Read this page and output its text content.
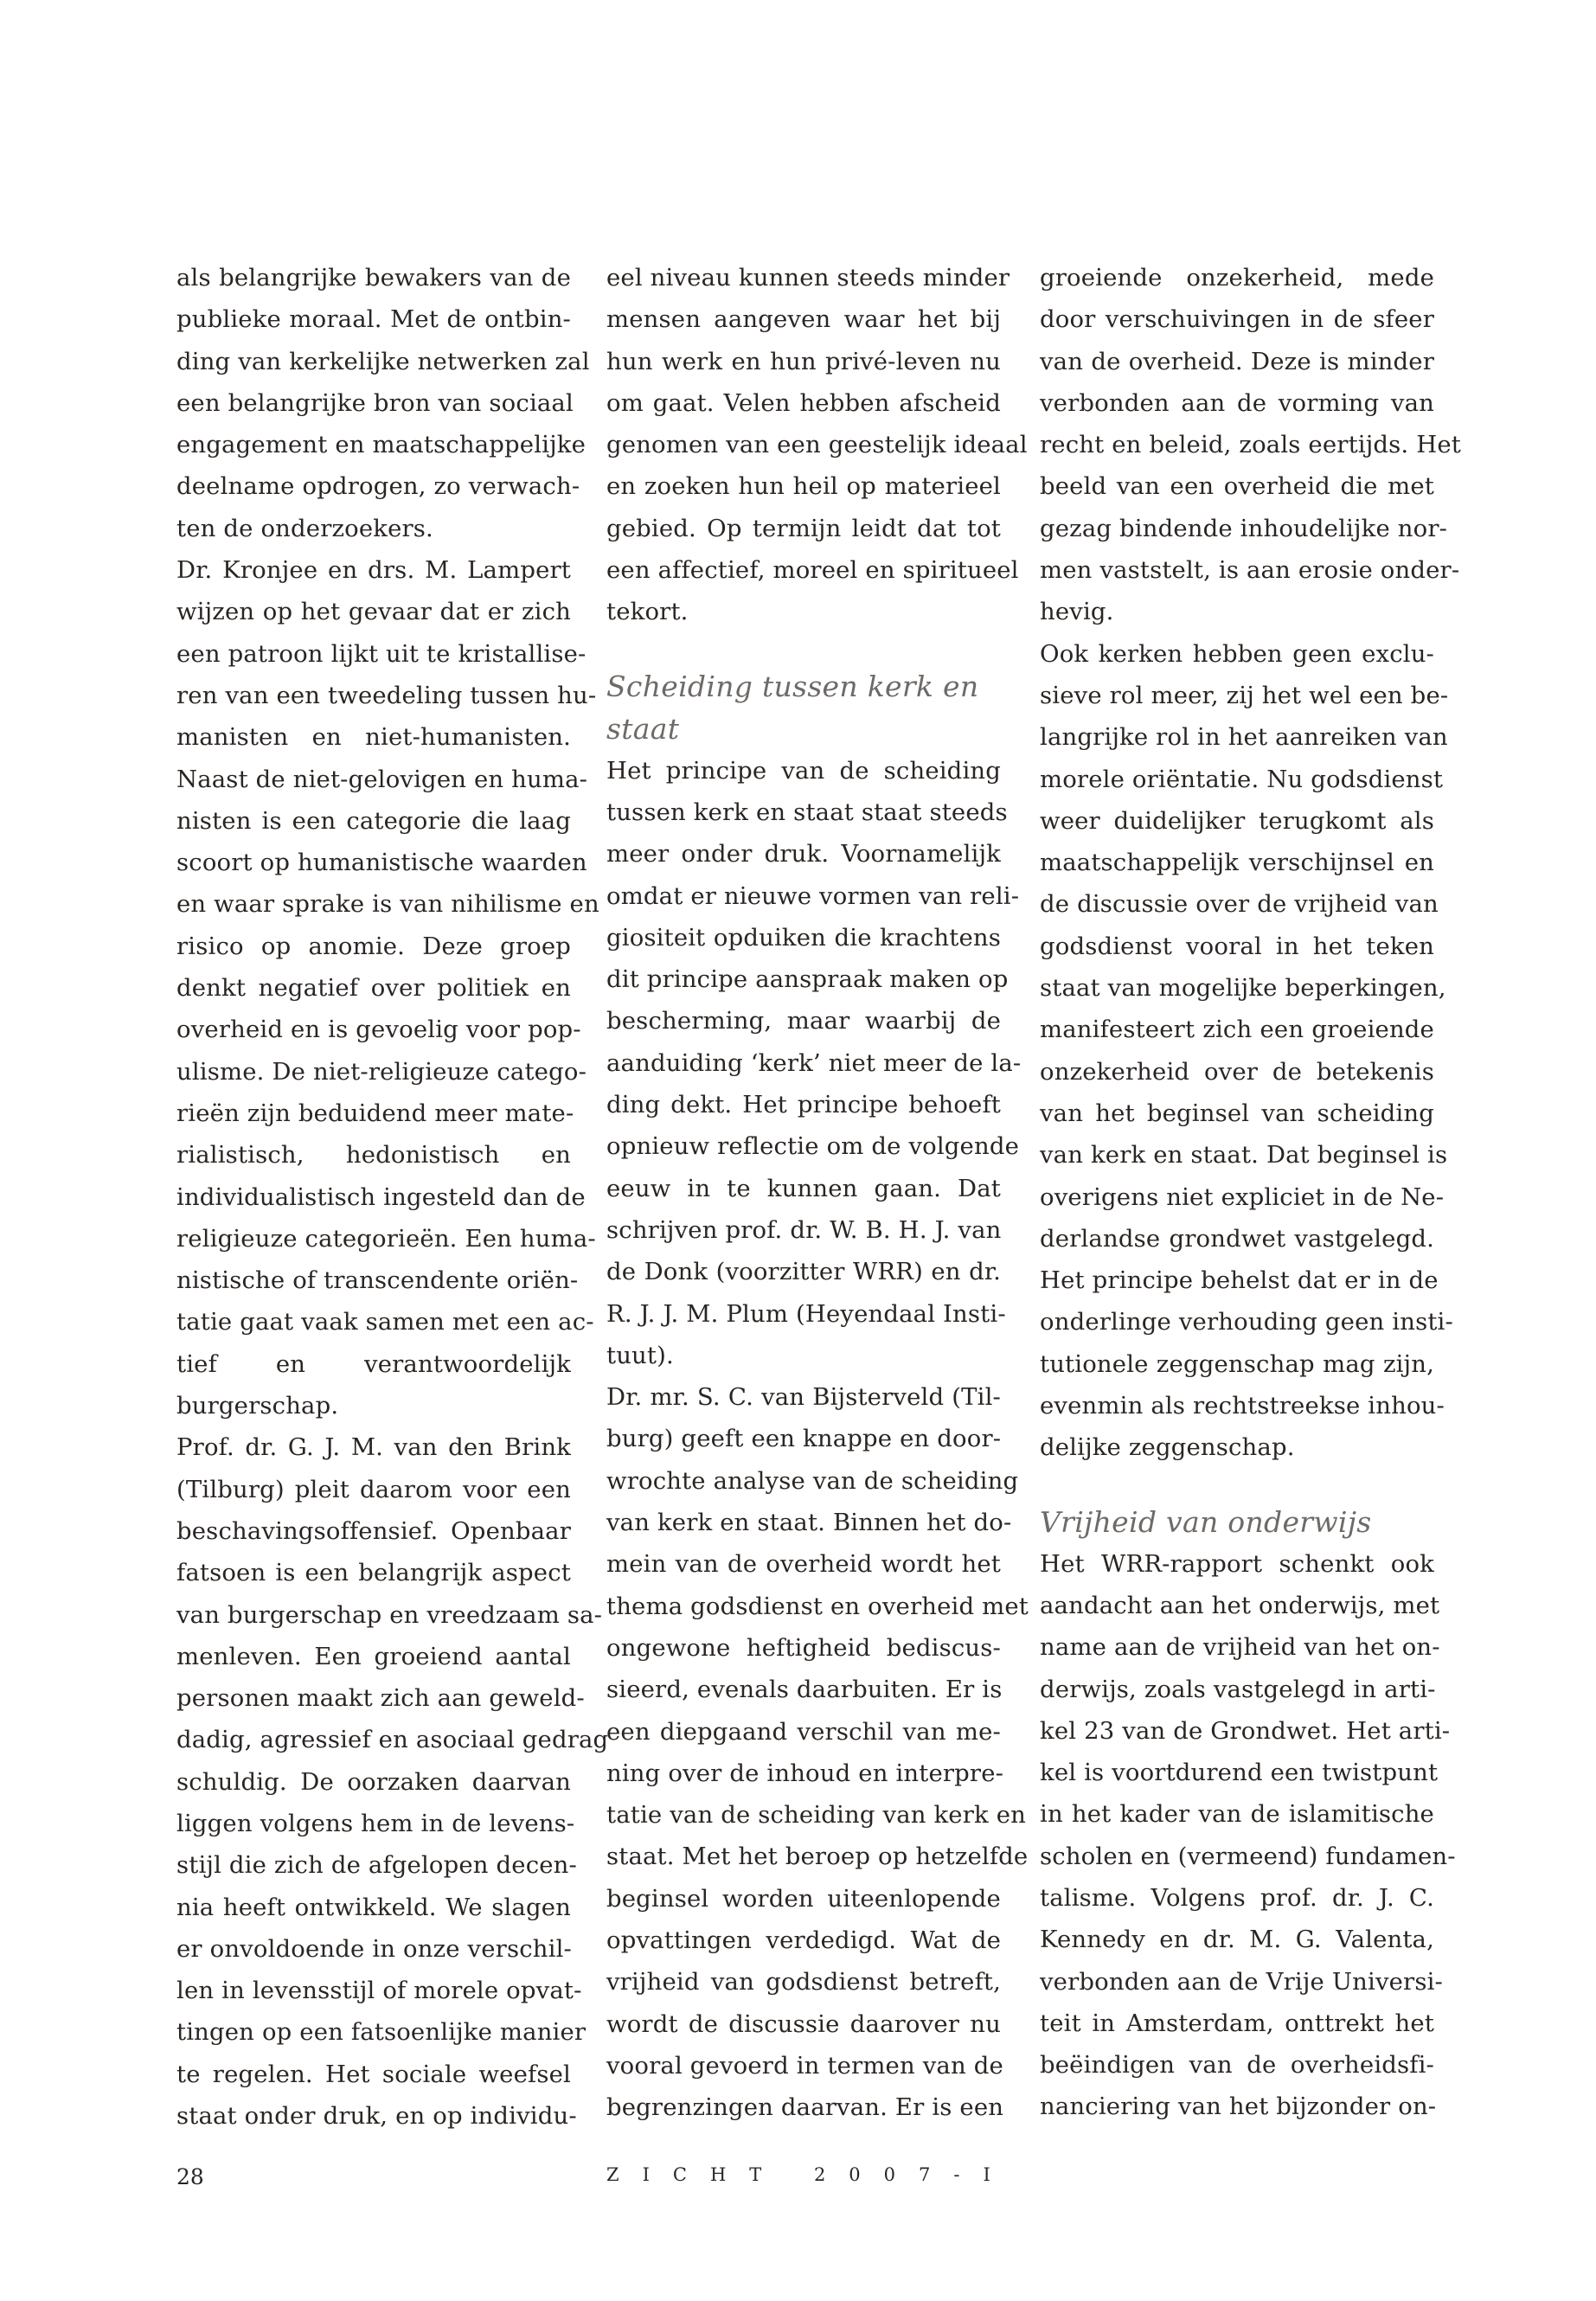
als belangrijke bewakers van de
publieke moraal. Met de ontbin-
ding van kerkelijke netwerken zal
een belangrijke bron van sociaal
engagement en maatschappelijke
deelname opdrogen, zo verwach-
ten de onderzoekers.
Dr. Kronjee en drs. M. Lampert
wijzen op het gevaar dat er zich
een patroon lijkt uit te kristallise-
ren van een tweedeling tussen hu-
manisten en niet-humanisten.
Naast de niet-gelovigen en huma-
nisten is een categorie die laag
scoort op humanistische waarden
en waar sprake is van nihilisme en
risico op anomie. Deze groep
denkt negatief over politiek en
overheid en is gevoelig voor pop-
ulisme. De niet-religieuze catego-
rieën zijn beduidend meer mate-
rialistisch, hedonistisch en
individualistisch ingesteld dan de
religieuze categorieën. Een huma-
nistische of transcendente oriën-
tatie gaat vaak samen met een ac-
tief en verantwoordelijk
burgerschap.
Prof. dr. G. J. M. van den Brink
(Tilburg) pleit daarom voor een
beschavingsoffensief. Openbaar
fatsoen is een belangrijk aspect
van burgerschap en vreedzaam sa-
menleven. Een groeiend aantal
personen maakt zich aan geweld-
dadig, agressief en asociaal gedrag
schuldig. De oorzaken daarvan
liggen volgens hem in de levens-
stijl die zich de afgelopen decen-
nia heeft ontwikkeld. We slagen
er onvoldoende in onze verschil-
len in levensstijl of morele opvat-
tingen op een fatsoenlijke manier
te regelen. Het sociale weefsel
staat onder druk, en op individu-
eel niveau kunnen steeds minder
mensen aangeven waar het bij
hun werk en hun privé-leven nu
om gaat. Velen hebben afscheid
genomen van een geestelijk ideaal
en zoeken hun heil op materieel
gebied. Op termijn leidt dat tot
een affectief, moreel en spiritueel
tekort.
Scheiding tussen kerk en
staat
Het principe van de scheiding
tussen kerk en staat staat steeds
meer onder druk. Voornamelijk
omdat er nieuwe vormen van reli-
giositeit opduiken die krachtens
dit principe aanspraak maken op
bescherming, maar waarbij de
aanduiding ‘kerk’ niet meer de la-
ding dekt. Het principe behoeft
opnieuw reflectie om de volgende
eeuw in te kunnen gaan. Dat
schrijven prof. dr. W. B. H. J. van
de Donk (voorzitter WRR) en dr.
R. J. J. M. Plum (Heyendaal Insti-
tuut).
Dr. mr. S. C. van Bijsterveld (Til-
burg) geeft een knappe en door-
wrochte analyse van de scheiding
van kerk en staat. Binnen het do-
mein van de overheid wordt het
thema godsdienst en overheid met
ongewone heftigheid bediscus-
sieerd, evenals daarbuiten. Er is
een diepgaand verschil van me-
ning over de inhoud en interpre-
tatie van de scheiding van kerk en
staat. Met het beroep op hetzelfde
beginsel worden uiteenlopende
opvattingen verdedigd. Wat de
vrijheid van godsdienst betreft,
wordt de discussie daarover nu
vooral gevoerd in termen van de
begrenzingen daarvan. Er is een
groeiende onzekerheid, mede
door verschuivingen in de sfeer
van de overheid. Deze is minder
verbonden aan de vorming van
recht en beleid, zoals eertijds. Het
beeld van een overheid die met
gezag bindende inhoudelijke nor-
men vaststelt, is aan erosie onder-
hevig.
Ook kerken hebben geen exclu-
sieve rol meer, zij het wel een be-
langrijke rol in het aanreiken van
morele oriëntatie. Nu godsdienst
weer duidelijker terugkomt als
maatschappelijk verschijnsel en
de discussie over de vrijheid van
godsdienst vooral in het teken
staat van mogelijke beperkingen,
manifesteert zich een groeiende
onzekerheid over de betekenis
van het beginsel van scheiding
van kerk en staat. Dat beginsel is
overigens niet expliciet in de Ne-
derlandse grondwet vastgelegd.
Het principe behelst dat er in de
onderlinge verhouding geen insti-
tutionele zeggenschap mag zijn,
evenmin als rechtstreekse inhou-
delijke zeggenschap.
Vrijheid van onderwijs
Het WRR-rapport schenkt ook
aandacht aan het onderwijs, met
name aan de vrijheid van het on-
derwijs, zoals vastgelegd in arti-
kel 23 van de Grondwet. Het arti-
kel is voortdurend een twistpunt
in het kader van de islamitische
scholen en (vermeend) fundamen-
talisme. Volgens prof. dr. J. C.
Kennedy en dr. M. G. Valenta,
verbonden aan de Vrije Universi-
teit in Amsterdam, onttrekt het
beëindigen van de overheidsfi-
nanciering van het bijzonder on-
28	ZICHT 2007-I
